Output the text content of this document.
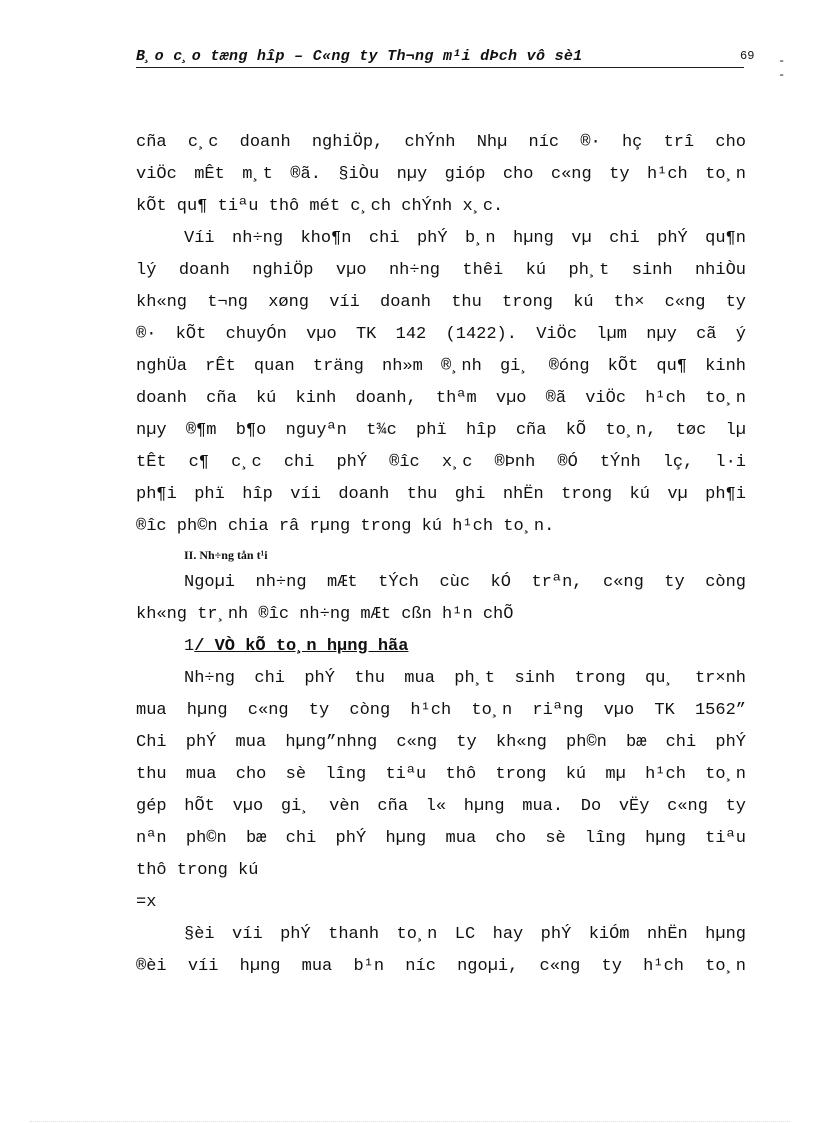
B¸o c¸o tæng hîp – C«ng ty Th¬ng m¹i dÞch vô sè1	69 - -
cña c¸c doanh nghiÖp, chÝnh Nhµ níc ®· hç trî cho
viÖc mÊt m¸t ®ã. §iÒu nµy gióp cho c«ng ty h¹ch to¸n
kÕt qu¶ tiªu thô mét c¸ch chÝnh x¸c.
Víi nh÷ng kho¶n chi phÝ b¸n hµng vµ chi phÝ qu¶n
lý doanh nghiÖp vµo nh÷ng thêi kú ph¸t sinh nhiÒu
kh«ng t¬ng xøng víi doanh thu trong kú th× c«ng ty
®· kÕt chuyÓn vµo TK 142 (1422). ViÖc lµm nµy cã ý
nghÜa rÊt quan träng nh»m ®¸nh gi¸ ®óng kÕt qu¶ kinh
doanh cña kú kinh doanh, thªm vµo ®ã viÖc h¹ch to¸n
nµy ®¶m b¶o nguyªn t¾c phï hîp cña kÕ to¸n, tøc lµ
tÊt c¶ c¸c chi phÝ ®îc x¸c ®Þnh ®Ó tÝnh lç, l·i
ph¶i phï hîp víi doanh thu ghi nhËn trong kú vµ ph¶i
®îc ph©n chia râ rµng trong kú h¹ch to¸n.
II. Nh÷ng tån t¹i
Ngoµi nh÷ng mÆt tÝch cùc kÓ trªn, c«ng ty còng
kh«ng tr¸nh ®îc nh÷ng mÆt cßn h¹n chÕ
1/ VÒ kÕ to¸n hµng hãa
Nh÷ng chi phÝ thu mua ph¸t sinh trong qu¸ tr×nh
mua hµng c«ng ty còng h¹ch to¸n riªng vµo TK 1562”
Chi phÝ mua hµng”nhng c«ng ty kh«ng ph©n bæ chi phÝ
thu mua cho sè lîng tiªu thô trong kú mµ h¹ch to¸n
gép hÕt vµo gi¸ vèn cña l« hµng mua. Do vËy c«ng ty
nªn ph©n bæ chi phÝ hµng mua cho sè lîng hµng tiªu
thô trong kú
=x
§èi víi phÝ thanh to¸n LC hay phÝ kiÓm nhËn hµng
®èi víi hµng mua b¹n níc ngoµi, c«ng ty h¹ch to¸n
